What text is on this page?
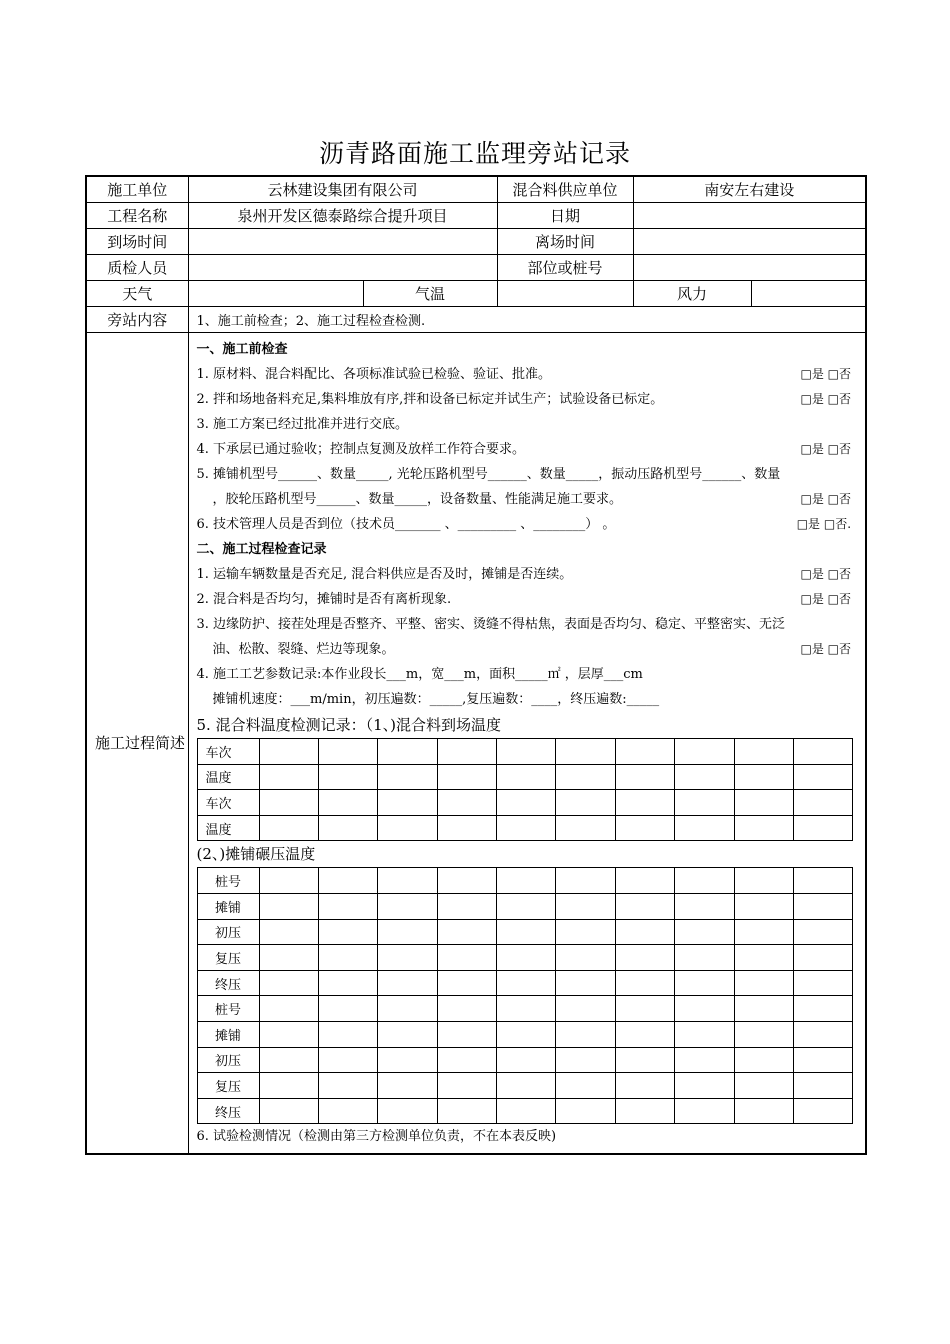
沥青路面施工监理旁站记录
施工单位	云林建设集团有限公司	混合料供应单位	南安左右建设
工程名称	泉州开发区德泰路综合提升项目	日期	
到场时间		离场时间	
质检人员		部位或桩号	
天气		气温		风力	
旁站内容	1、施工前检查；2、施工过程检查检测.
施工过程简述	
一、施工前检查
1. 原材料、混合料配比、各项标准试验已检验、验证、批准。	□是 □否
2. 拌和场地备料充足,集料堆放有序,拌和设备已标定并试生产；试验设备已标定。	□是 □否
3. 施工方案已经过批准并进行交底。
4. 下承层已通过验收；控制点复测及放样工作符合要求。	□是 □否
5. 摊铺机型号______、数量_____, 光轮压路机型号______、数量_____，振动压路机型号______、数量
，胶轮压路机型号______、数量_____，设备数量、性能满足施工要求。	□是 □否
6. 技术管理人员是否到位（技术员_______ 、_________ 、________） 。	□是 □否.
二、施工过程检查记录
1. 运输车辆数量是否充足, 混合料供应是否及时，摊铺是否连续。	□是 □否
2. 混合料是否均匀，摊铺时是否有离析现象.	□是 □否
3. 边缘防护、接茬处理是否整齐、平整、密实、烫缝不得枯焦，表面是否均匀、稳定、平整密实、无泛
油、松散、裂缝、烂边等现象。	□是 □否
4. 施工工艺参数记录:本作业段长___m，宽___m，面积_____㎡ ，层厚___cm
摊铺机速度：___m/min，初压遍数：_____,复压遍数：____，终压遍数:_____
5. 混合料温度检测记录：（1、)混合料到场温度
车次										
温度										
车次										
温度										
(2、)摊铺碾压温度
桩号										
摊铺										
初压										
复压										
终压										
桩号										
摊铺										
初压										
复压										
终压										
6. 试验检测情况（检测由第三方检测单位负责，不在本表反映)
